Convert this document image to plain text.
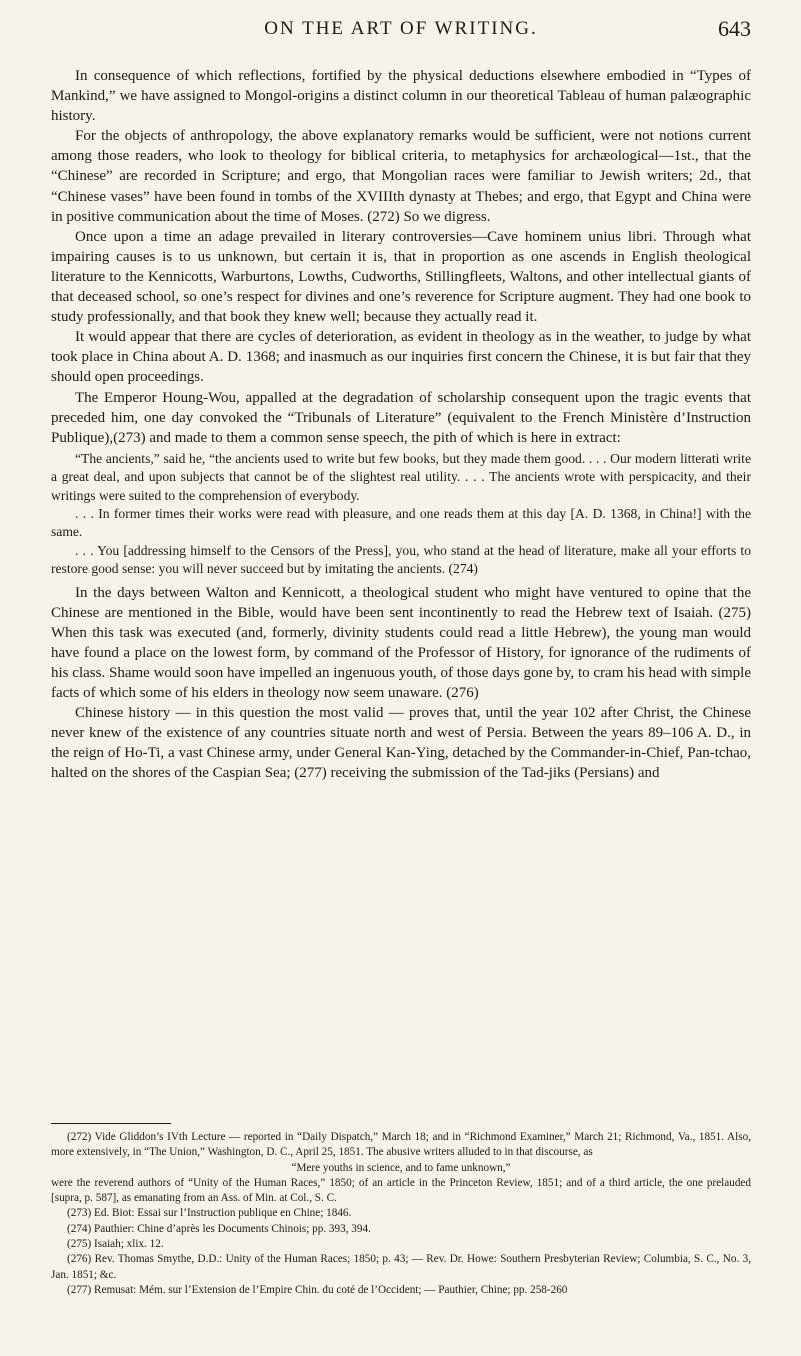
ON THE ART OF WRITING.	643

In consequence of which reflections, fortified by the physical deductions elsewhere embodied in “Types of Mankind,” we have assigned to Mongol-origins a distinct column in our theoretical Tableau of human palæographic history.

For the objects of anthropology, the above explanatory remarks would be sufficient, were not notions current among those readers, who look to theology for biblical criteria, to metaphysics for archæological—1st., that the “Chinese” are recorded in Scripture; and ergo, that Mongolian races were familiar to Jewish writers; 2d., that “Chinese vases” have been found in tombs of the XVIIIth dynasty at Thebes; and ergo, that Egypt and China were in positive communication about the time of Moses. (272) So we digress.

Once upon a time an adage prevailed in literary controversies—Cave hominem unius libri. Through what impairing causes is to us unknown, but certain it is, that in proportion as one ascends in English theological literature to the Kennicotts, Warburtons, Lowths, Cudworths, Stillingfleets, Waltons, and other intellectual giants of that deceased school, so one’s respect for divines and one’s reverence for Scripture augment. They had one book to study professionally, and that book they knew well; because they actually read it.

It would appear that there are cycles of deterioration, as evident in theology as in the weather, to judge by what took place in China about A. D. 1368; and inasmuch as our inquiries first concern the Chinese, it is but fair that they should open proceedings.

The Emperor Houng-Wou, appalled at the degradation of scholarship consequent upon the tragic events that preceded him, one day convoked the “Tribunals of Literature” (equivalent to the French Ministère d’Instruction Publique),(273) and made to them a common sense speech, the pith of which is here in extract:

“The ancients,” said he, “the ancients used to write but few books, but they made them good. . . . Our modern litterati write a great deal, and upon subjects that cannot be of the slightest real utility. . . . The ancients wrote with perspicacity, and their writings were suited to the comprehension of everybody.

. . . In former times their works were read with pleasure, and one reads them at this day [A. D. 1368, in China!] with the same.

. . . You [addressing himself to the Censors of the Press], you, who stand at the head of literature, make all your efforts to restore good sense: you will never succeed but by imitating the ancients. (274)

In the days between Walton and Kennicott, a theological student who might have ventured to opine that the Chinese are mentioned in the Bible, would have been sent incontinently to read the Hebrew text of Isaiah. (275) When this task was executed (and, formerly, divinity students could read a little Hebrew), the young man would have found a place on the lowest form, by command of the Professor of History, for ignorance of the rudiments of his class. Shame would soon have impelled an ingenuous youth, of those days gone by, to cram his head with simple facts of which some of his elders in theology now seem unaware. (276)

Chinese history — in this question the most valid — proves that, until the year 102 after Christ, the Chinese never knew of the existence of any countries situate north and west of Persia. Between the years 89–106 A. D., in the reign of Ho-Ti, a vast Chinese army, under General Kan-Ying, detached by the Commander-in-Chief, Pan-tchao, halted on the shores of the Caspian Sea; (277) receiving the submission of the Tad-jiks (Persians) and

(272) Vide Gliddon’s IVth Lecture — reported in “Daily Dispatch,” March 18; and in “Richmond Examiner,” March 21; Richmond, Va., 1851. Also, more extensively, in “The Union,” Washington, D. C., April 25, 1851. The abusive writers alluded to in that discourse, as

“Mere youths in science, and to fame unknown,”

were the reverend authors of “Unity of the Human Races,” 1850; of an article in the Princeton Review, 1851; and of a third article, the one prelauded [supra, p. 587], as emanating from an Ass. of Min. at Col., S. C.

(273) Ed. Biot: Essai sur l’Instruction publique en Chine; 1846.

(274) Pauthier: Chine d’après les Documents Chinois; pp. 393, 394.

(275) Isaiah; xlix. 12.

(276) Rev. Thomas Smythe, D.D.: Unity of the Human Races; 1850; p. 43; — Rev. Dr. Howe: Southern Presbyterian Review; Columbia, S. C., No. 3, Jan. 1851; &c.

(277) Remusat: Mém. sur l’Extension de l’Empire Chin. du coté de l’Occident; — Pauthier, Chine; pp. 258-260
